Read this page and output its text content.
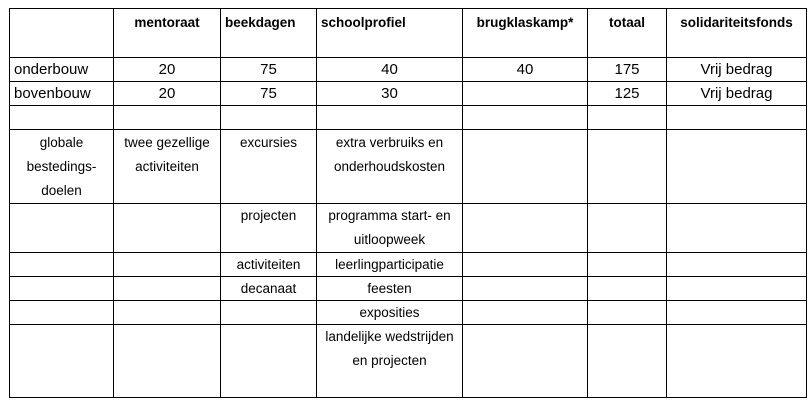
	mentoraat	beekdagen	schoolprofiel	brugklaskamp*	totaal	solidariteitsfonds
onderbouw	20	75	40	40	175	Vrij bedrag
bovenbouw	20	75	30		125	Vrij bedrag

globale bestedings-doelen	twee gezellige activiteiten	excursies	extra verbruiks en onderhoudskosten			
		projecten	programma start- en uitloopweek			
		activiteiten	leerlingparticipatie			
		decanaat	feesten			
			exposities			
			landelijke wedstrijden en projecten			
